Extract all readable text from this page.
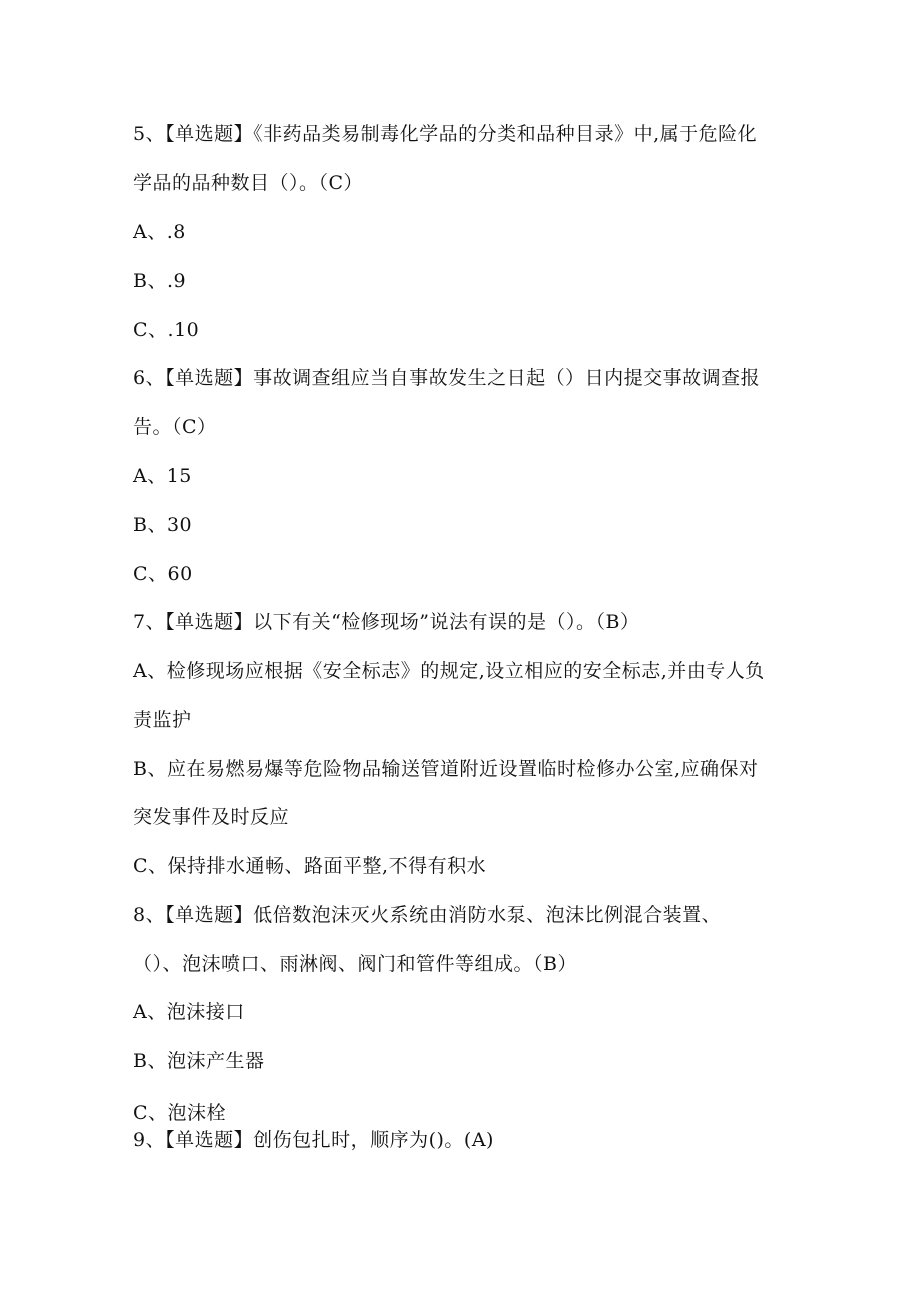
5、【单选题】《非药品类易制毒化学品的分类和品种目录》中,属于危险化
学品的品种数目（）。（C）
A、.8
B、.9
C、.10
6、【单选题】事故调查组应当自事故发生之日起（）日内提交事故调查报
告。（C）
A、15
B、30
C、60
7、【单选题】以下有关“检修现场”说法有误的是（）。（B）
A、检修现场应根据《安全标志》的规定,设立相应的安全标志,并由专人负
责监护
B、应在易燃易爆等危险物品输送管道附近设置临时检修办公室,应确保对
突发事件及时反应
C、保持排水通畅、路面平整,不得有积水
8、【单选题】低倍数泡沫灭火系统由消防水泵、泡沫比例混合装置、
（）、泡沫喷口、雨淋阀、阀门和管件等组成。（B）
A、泡沫接口
B、泡沫产生器
C、泡沫栓
9、【单选题】创伤包扎时，顺序为()。(A)
